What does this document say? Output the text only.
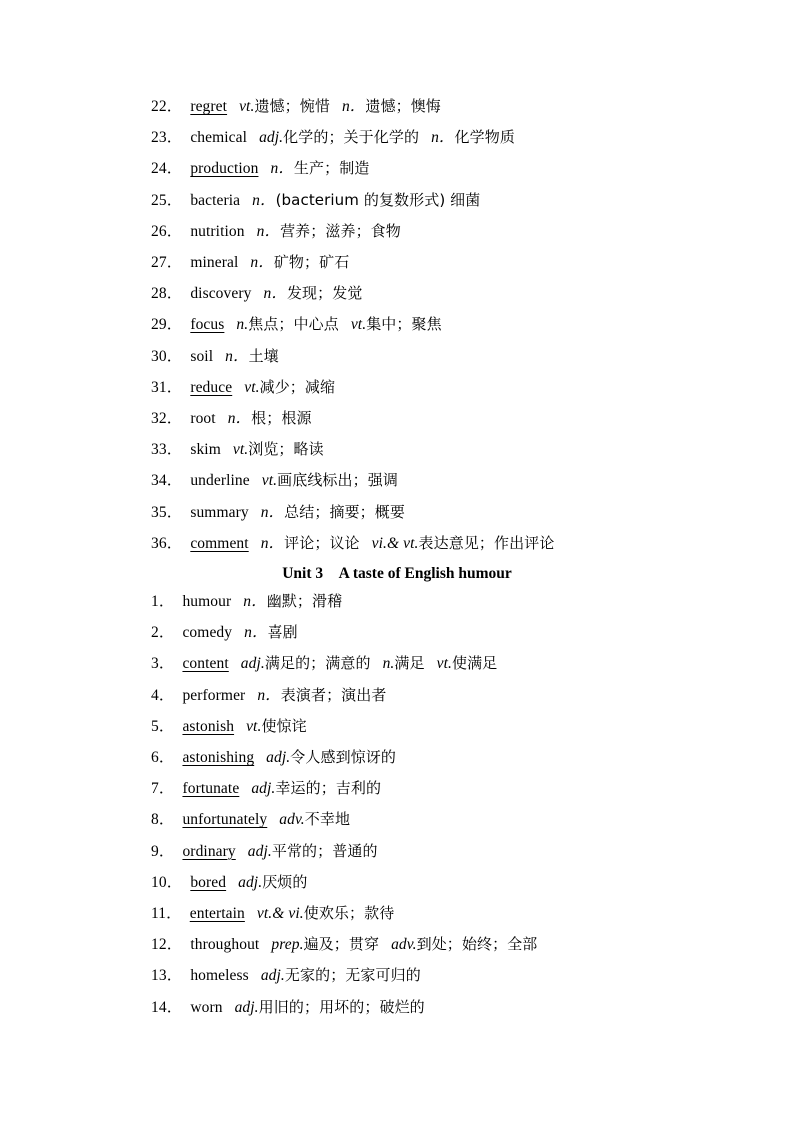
22． regret vt.遗憾；惋惜 n．遗憾；懊悔
23． chemical adj.化学的；关于化学的 n．化学物质
24． production n．生产；制造
25． bacteria n．(bacterium 的复数形式) 细菌
26． nutrition n．营养；滋养；食物
27． mineral n．矿物；矿石
28． discovery n．发现；发觉
29． focus n.焦点；中心点 vt.集中；聚焦
30． soil n．土壤
31． reduce vt.减少；减缩
32． root n．根；根源
33． skim vt.浏览；略读
34． underline vt.画底线标出；强调
35． summary n．总结；摘要；概要
36． comment n．评论；议论 vi.& vt.表达意见；作出评论
Unit 3　A taste of English humour
1． humour n．幽默；滑稽
2． comedy n．喜剧
3． content adj.满足的；满意的 n.满足 vt.使满足
4． performer n．表演者；演出者
5． astonish vt.使惊诧
6． astonishing adj.令人感到惊讶的
7． fortunate adj.幸运的；吉利的
8． unfortunately adv.不幸地
9． ordinary adj.平常的；普通的
10． bored adj.厌烦的
11． entertain vt.& vi.使欢乐；款待
12． throughout prep.遍及；贯穿 adv.到处；始终；全部
13． homeless adj.无家的；无家可归的
14． worn adj.用旧的；用坏的；破烂的
